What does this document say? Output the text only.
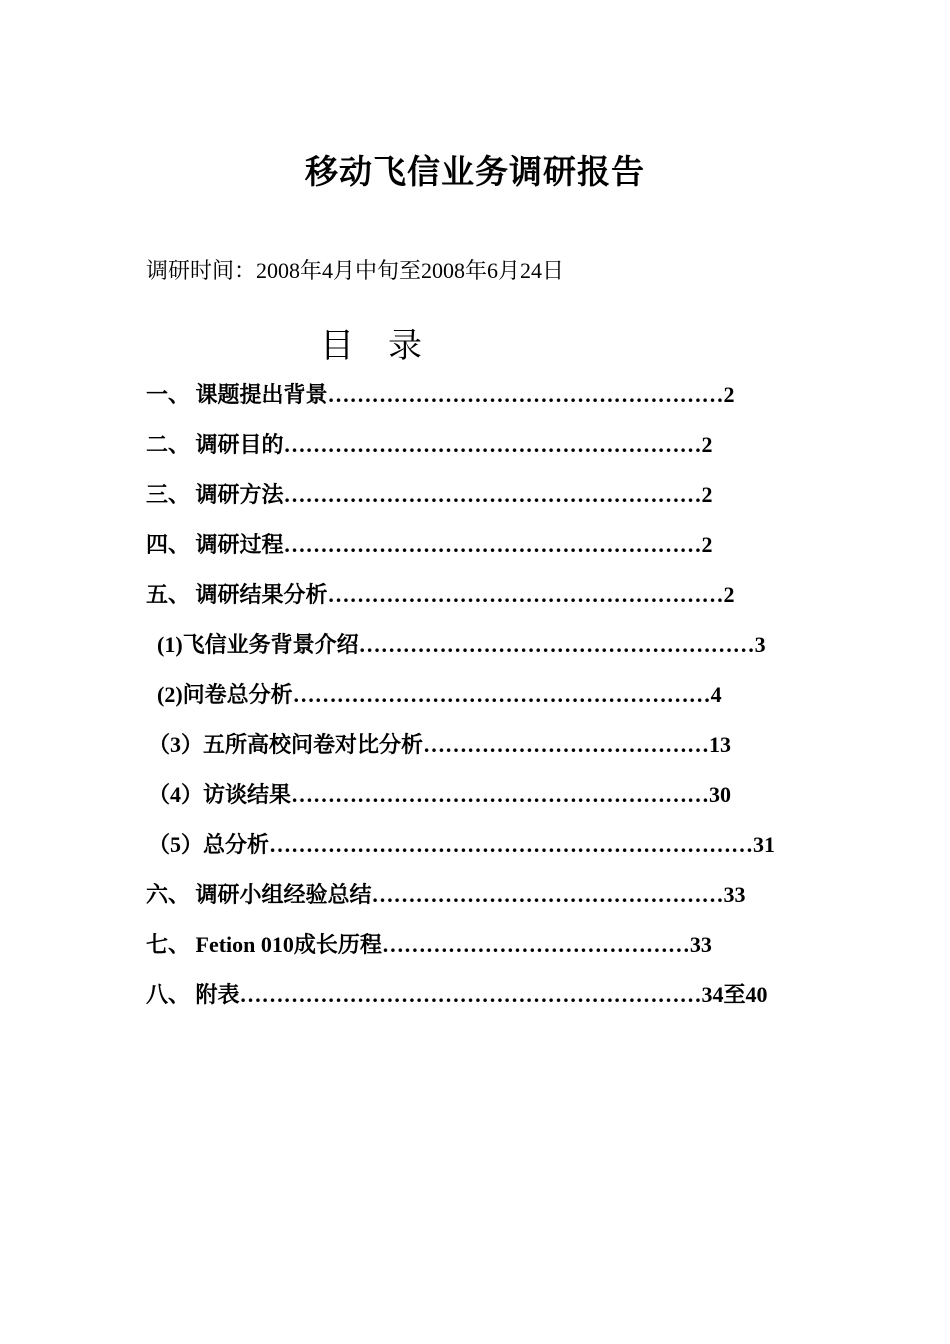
移动飞信业务调研报告
调研时间：2008年4月中旬至2008年6月24日
目    录
一、 课题提出背景………………………………………………2
二、 调研目的…………………………………………………2
三、 调研方法…………………………………………………2
四、 调研过程…………………………………………………2
五、 调研结果分析………………………………………………2
(1)飞信业务背景介绍………………………………………………3
(2)问卷总分析…………………………………………………4
（3）五所高校问卷对比分析…………………………………13
（4）访谈结果…………………………………………………30
（5）总分析…………………………………………………………31
六、 调研小组经验总结…………………………………………33
七、 Fetion 010成长历程……………………………………33
八、 附表………………………………………………………34至40
